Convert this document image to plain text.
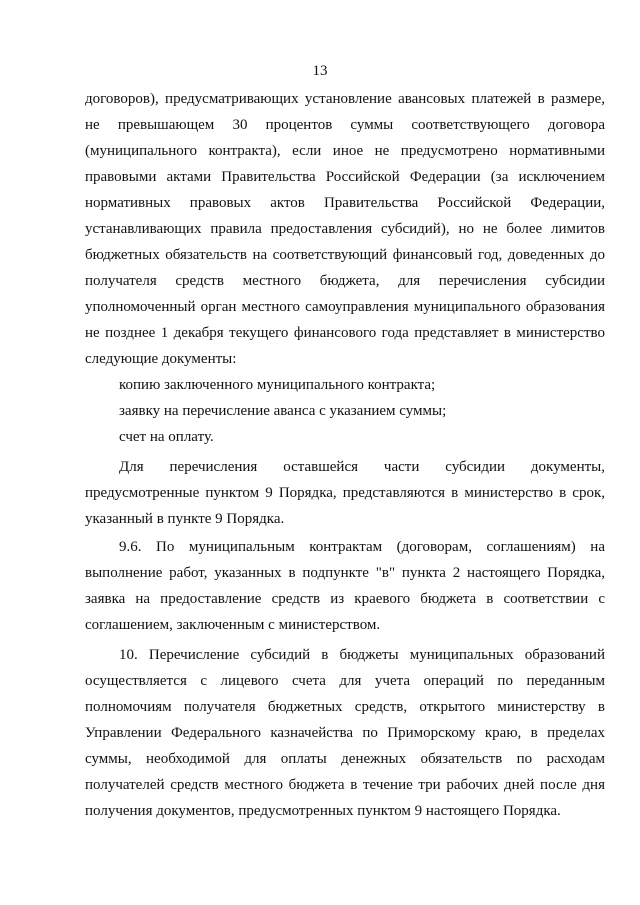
13
договоров), предусматривающих установление авансовых платежей в размере,
не превышающем 30 процентов суммы соответствующего договора
(муниципального контракта), если иное не предусмотрено нормативными
правовыми актами Правительства Российской Федерации (за исключением
нормативных правовых актов Правительства Российской Федерации,
устанавливающих правила предоставления субсидий), но не более лимитов
бюджетных обязательств на соответствующий финансовый год, доведенных до
получателя средств местного бюджета, для перечисления субсидии
уполномоченный орган местного самоуправления муниципального образования
не позднее 1 декабря текущего финансового года представляет в министерство
следующие документы:
копию заключенного муниципального контракта;
заявку на перечисление аванса с указанием суммы;
счет на оплату.
Для перечисления оставшейся части субсидии документы,
предусмотренные пунктом 9 Порядка, представляются в министерство в срок,
указанный в пункте 9 Порядка.
9.6. По муниципальным контрактам (договорам, соглашениям) на
выполнение работ, указанных в подпункте "в" пункта 2 настоящего Порядка,
заявка на предоставление средств из краевого бюджета в соответствии с
соглашением, заключенным с министерством.
10. Перечисление субсидий в бюджеты муниципальных образований
осуществляется с лицевого счета для учета операций по переданным
полномочиям получателя бюджетных средств, открытого министерству в
Управлении Федерального казначейства по Приморскому краю, в пределах
суммы, необходимой для оплаты денежных обязательств по расходам
получателей средств местного бюджета в течение три рабочих дней после дня
получения документов, предусмотренных пунктом 9 настоящего Порядка.
